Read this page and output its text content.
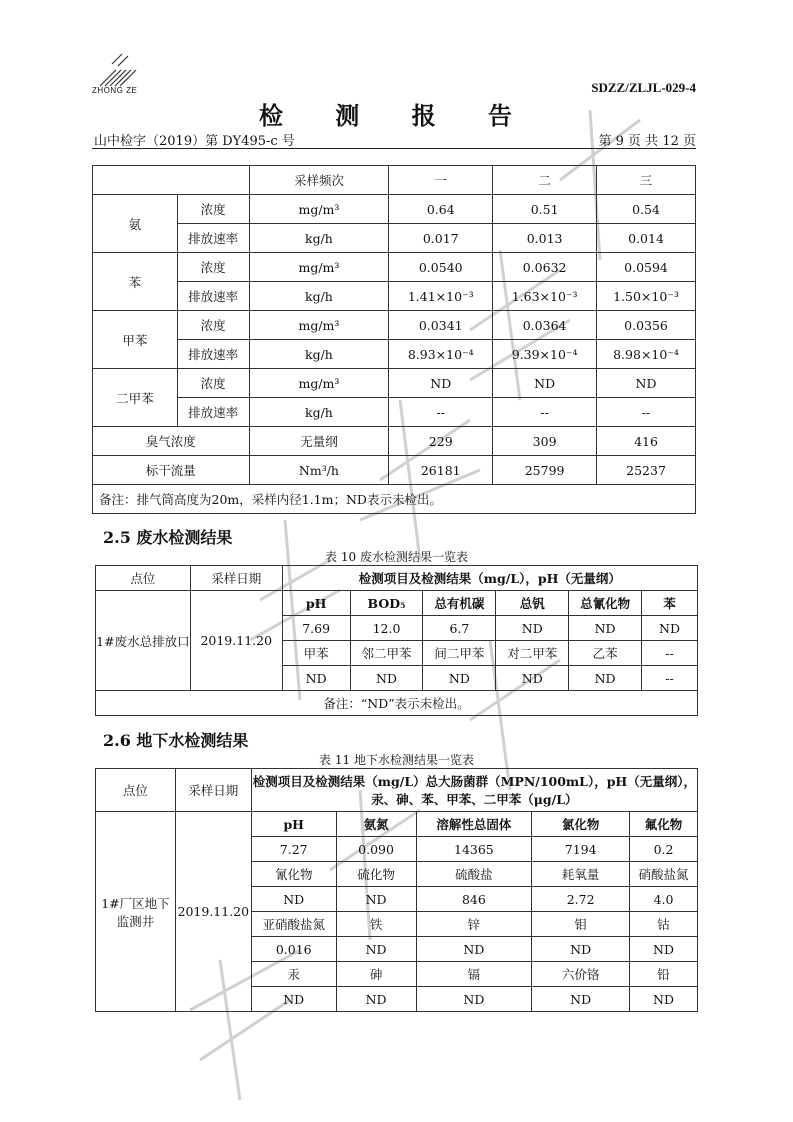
ZHONG ZE	SDZZ/ZLJL-029-4
检 测 报 告
山中检字（2019）第 DY495-c 号	第 9 页 共 12 页
		采样频次	一	二	三
氨	浓度	mg/m³	0.64	0.51	0.54
	排放速率	kg/h	0.017	0.013	0.014
苯	浓度	mg/m³	0.0540	0.0632	0.0594
	排放速率	kg/h	1.41×10⁻³	1.63×10⁻³	1.50×10⁻³
甲苯	浓度	mg/m³	0.0341	0.0364	0.0356
	排放速率	kg/h	8.93×10⁻⁴	9.39×10⁻⁴	8.98×10⁻⁴
二甲苯	浓度	mg/m³	ND	ND	ND
	排放速率	kg/h	--	--	--
臭气浓度		无量纲	229	309	416
标干流量		Nm³/h	26181	25799	25237
备注：排气筒高度为20m，采样内径1.1m；ND表示未检出。					
2.5 废水检测结果
表 10 废水检测结果一览表
点位	采样日期	检测项目及检测结果（mg/L），pH（无量纲）					
1#废水总排放口	2019.11.20	pH	BOD₅	总有机碳	总钒	总氰化物	苯
		7.69	12.0	6.7	ND	ND	ND
		甲苯	邻二甲苯	间二甲苯	对二甲苯	乙苯	--
		ND	ND	ND	ND	ND	--
备注：“ND”表示未检出。							
2.6 地下水检测结果
表 11 地下水检测结果一览表
点位	采样日期	检测项目及检测结果（mg/L）总大肠菌群（MPN/100mL），pH（无量纲），汞、砷、苯、甲苯、二甲苯（μg/L）				
1#厂区地下监测井	2019.11.20	pH	氨氮	溶解性总固体	氯化物	氟化物
		7.27	0.090	14365	7194	0.2
		氰化物	硫化物	硫酸盐	耗氧量	硝酸盐氮
		ND	ND	846	2.72	4.0
		亚硝酸盐氮	铁	锌	钼	钴
		0.016	ND	ND	ND	ND
		汞	砷	镉	六价铬	铅
		ND	ND	ND	ND	ND
